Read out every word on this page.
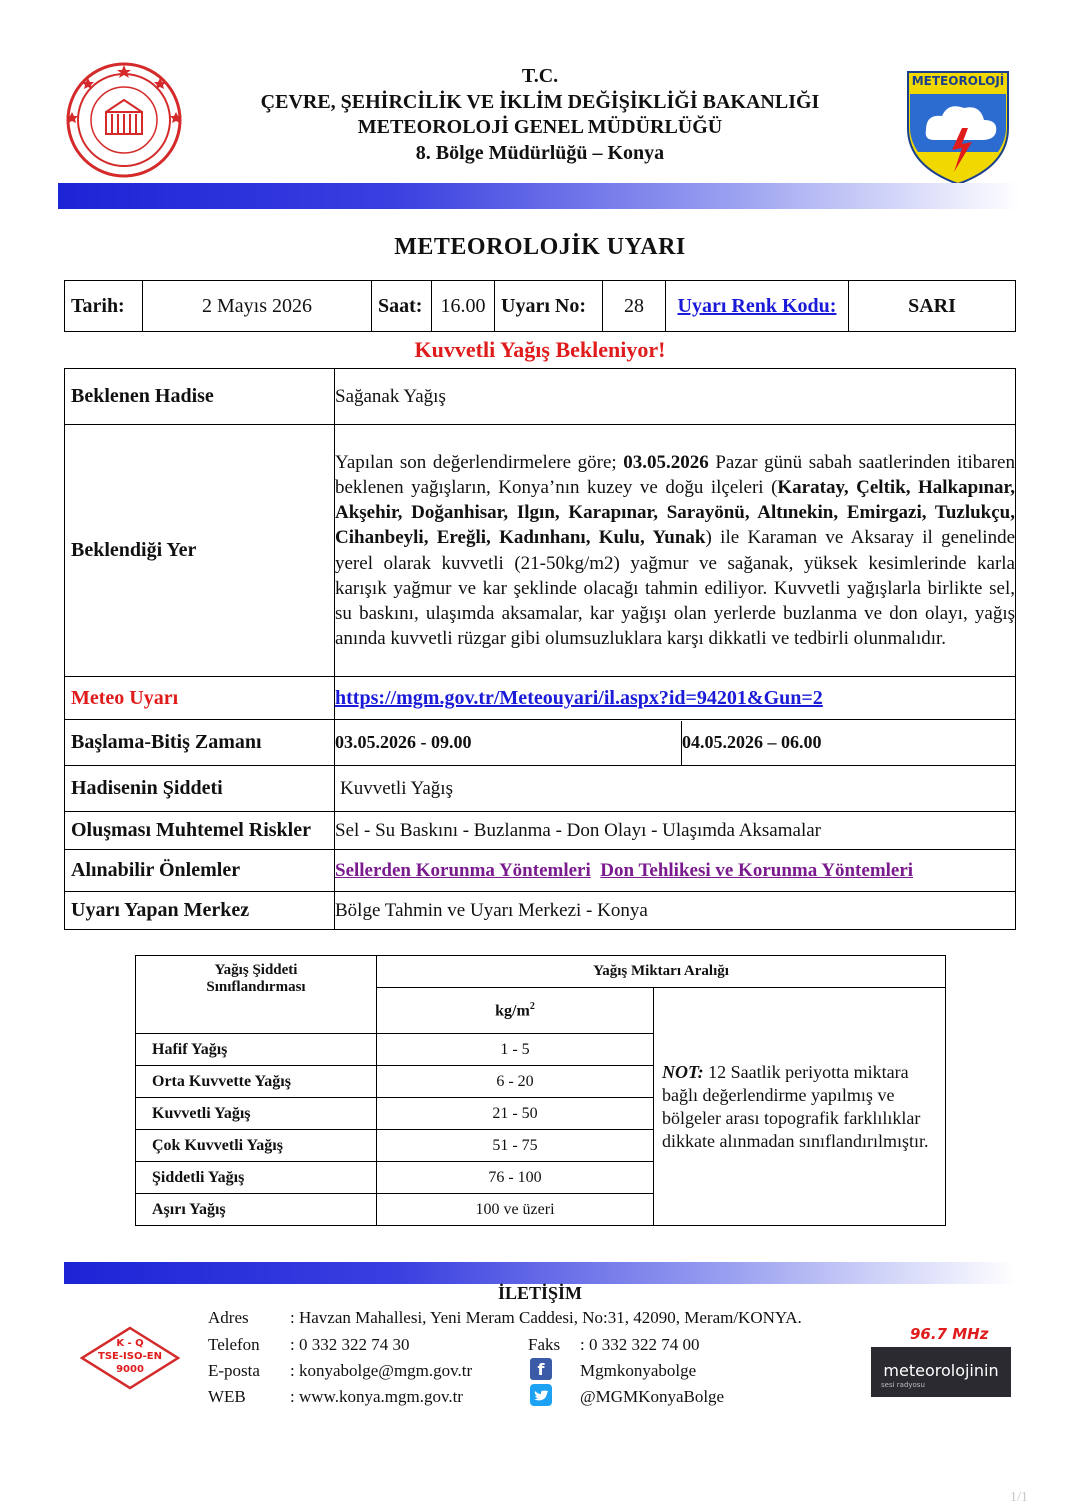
T.C.
ÇEVRE, ŞEHİRCİLİK VE İKLİM DEĞİŞİKLİĞİ BAKANLIĞI
METEOROLOJİ GENEL MÜDÜRLÜĞÜ
8. Bölge Müdürlüğü – Konya
METEOROLOJİ
METEOROLOJİK UYARI
Tarih:	2 Mayıs 2026	Saat:	16.00	Uyarı No:	28	Uyarı Renk Kodu:	SARI
Kuvvetli Yağış Bekleniyor!
Beklenen Hadise	Sağanak Yağış
Beklendiği Yer	Yapılan son değerlendirmelere göre; 03.05.2026 Pazar günü sabah saatlerinden itibaren beklenen yağışların, Konya’nın kuzey ve doğu ilçeleri (Karatay, Çeltik, Halkapınar, Akşehir, Doğanhisar, Ilgın, Karapınar, Sarayönü, Altınekin, Emirgazi, Tuzlukçu, Cihanbeyli, Ereğli, Kadınhanı, Kulu, Yunak) ile Karaman ve Aksaray il genelinde yerel olarak kuvvetli (21-50kg/m2) yağmur ve sağanak, yüksek kesimlerinde karla karışık yağmur ve kar şeklinde olacağı tahmin ediliyor. Kuvvetli yağışlarla birlikte sel, su baskını, ulaşımda aksamalar, kar yağışı olan yerlerde buzlanma ve don olayı, yağış anında kuvvetli rüzgar gibi olumsuzluklara karşı dikkatli ve tedbirli olunmalıdır.
Meteo Uyarı	https://mgm.gov.tr/Meteouyari/il.aspx?id=94201&Gun=2
Başlama-Bitiş Zamanı	03.05.2026 - 09.00 04.05.2026 – 06.00

Hadisenin Şiddeti	Kuvvetli Yağış
Oluşması Muhtemel Riskler	Sel - Su Baskını - Buzlanma - Don Olayı - Ulaşımda Aksamalar
Alınabilir Önlemler	Sellerden Korunma Yöntemleri Don Tehlikesi ve Korunma Yöntemleri
Uyarı Yapan Merkez	Bölge Tahmin ve Uyarı Merkezi - Konya
Yağış Şiddeti
Sınıflandırması	Yağış Miktarı Aralığı	
	$kg/m^2$	NOT: 12 Saatlik periyotta miktara bağlı değerlendirme yapılmış ve bölgeler arası topografik farklılıklar dikkate alınmadan sınıflandırılmıştır.
Hafif Yağış	1 - 5	
Orta Kuvvette Yağış	6 - 20	
Kuvvetli Yağış	21 - 50	
Çok Kuvvetli Yağış	51 - 75	
Şiddetli Yağış	76 - 100	
Aşırı Yağış	100 ve üzeri	
İLETİŞİM
K - Q
TSE-ISO-EN
9000
Adres : Havzan Mahallesi, Yeni Meram Caddesi, No:31, 42090, Meram/KONYA.
Telefon : 0 332 322 74 30	Faks : 0 332 322 74 00
E-posta : konyabolge@mgm.gov.tr	f	Mgmkonyabolge
WEB	: www.konya.mgm.gov.tr	@MGMKonyaBolge
96.7 MHz
meteorolojinin
sesi radyosu
1/1
